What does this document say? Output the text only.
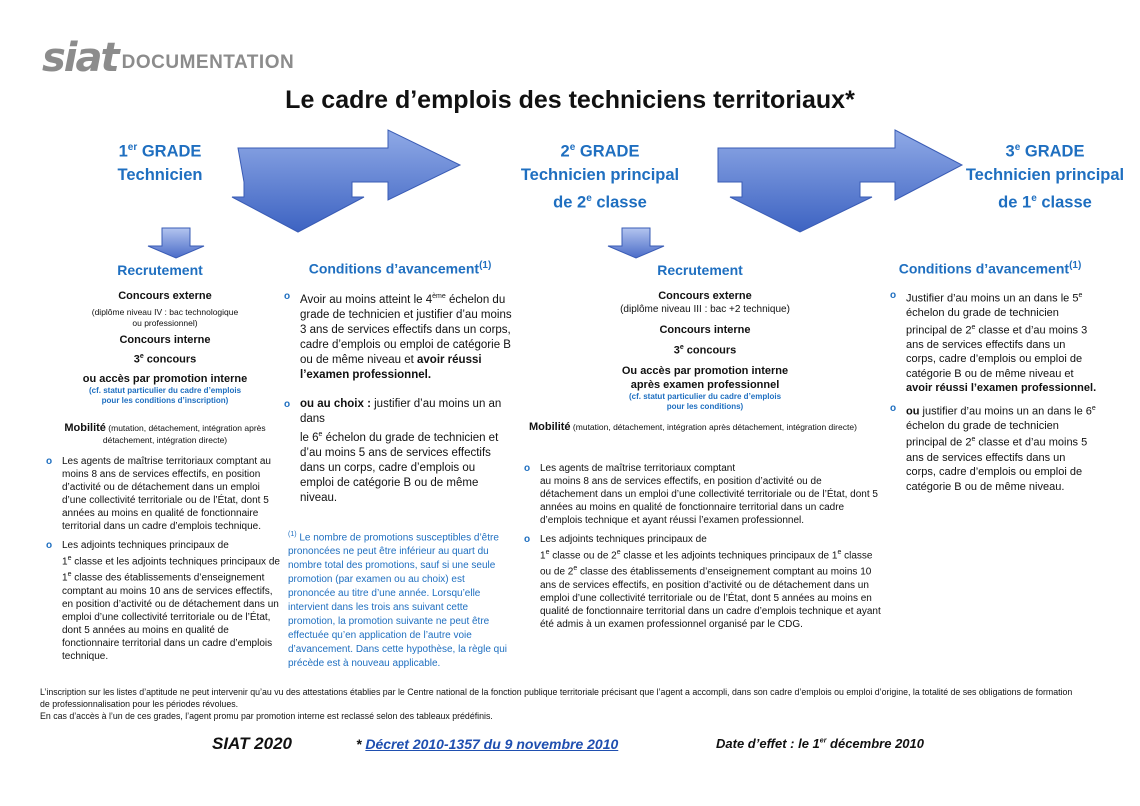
siat DOCUMENTATION
Le cadre d’emplois des techniciens territoriaux*
1er GRADE
Technicien
2e GRADE
Technicien principal
de 2e classe
3e GRADE
Technicien principal
de 1e classe
Recrutement
Concours externe
(diplôme niveau IV : bac technologique
ou professionnel)
Concours interne
3e concours
ou accès par promotion interne
(cf. statut particulier du cadre d’emplois
pour les conditions d’inscription)
Mobilité (mutation, détachement, intégration après
détachement, intégration directe)
o Les agents de maîtrise territoriaux comptant au moins 8 ans de services effectifs, en position d’activité ou de détachement dans un emploi d’une collectivité territoriale ou de l’État, dont 5 années au moins en qualité de fonctionnaire territorial dans un cadre d’emplois technique.
o Les adjoints techniques principaux de
1e classe et les adjoints techniques principaux de 1e classe des établissements d’enseignement comptant au moins 10 ans de services effectifs, en position d’activité ou de détachement dans un emploi d’une collectivité territoriale ou de l’État, dont 5 années au moins en qualité de fonctionnaire territorial dans un cadre d’emplois technique.
Conditions d’avancement$^{(1)}$
o Avoir au moins atteint le 4ème échelon du grade de technicien et justifier d’au moins 3 ans de services effectifs dans un corps, cadre d’emplois ou emploi de catégorie B ou de même niveau et avoir réussi l’examen professionnel.
o ou au choix : justifier d’au moins un an dans
le 6e échelon du grade de technicien et d’au moins 5 ans de services effectifs dans un corps, cadre d’emplois ou emploi de catégorie B ou de même niveau.
$^{(1)}$ Le nombre de promotions susceptibles d’être prononcées ne peut être inférieur au quart du nombre total des promotions, sauf si une seule promotion (par examen ou au choix) est prononcée au titre d’une année. Lorsqu’elle intervient dans les trois ans suivant cette promotion, la promotion suivante ne peut être effectuée qu’en application de l’autre voie d’avancement. Dans cette hypothèse, la règle qui précède est à nouveau applicable.
Recrutement
Concours externe
(diplôme niveau III : bac +2 technique)
Concours interne
3e concours
Ou accès par promotion interne
après examen professionnel
(cf. statut particulier du cadre d’emplois
pour les conditions)
Mobilité (mutation, détachement, intégration après détachement, intégration directe)
o Les agents de maîtrise territoriaux comptant
au moins 8 ans de services effectifs, en position d’activité ou de détachement dans un emploi d’une collectivité territoriale ou de l’État, dont 5 années au moins en qualité de fonctionnaire territorial dans un cadre d’emplois technique et ayant réussi l’examen professionnel.
o Les adjoints techniques principaux de
1e classe ou de 2e classe et les adjoints techniques principaux de 1e classe ou de 2e classe des établissements d’enseignement comptant au moins 10 ans de services effectifs, en position d’activité ou de détachement dans un emploi d’une collectivité territoriale ou de l’État, dont 5 années au moins en qualité de fonctionnaire territorial dans un cadre d’emplois technique et ayant été admis à un examen professionnel organisé par le CDG.
Conditions d’avancement$^{(1)}$
o Justifier d’au moins un an dans le 5e échelon du grade de technicien principal de 2e classe et d’au moins 3 ans de services effectifs dans un corps, cadre d’emplois ou emploi de catégorie B ou de même niveau et avoir réussi l’examen professionnel.
o ou justifier d’au moins un an dans le 6e échelon du grade de technicien principal de 2e classe et d’au moins 5 ans de services effectifs dans un corps, cadre d’emplois ou emploi de catégorie B ou de même niveau.
L’inscription sur les listes d’aptitude ne peut intervenir qu’au vu des attestations établies par le Centre national de la fonction publique territoriale précisant que l’agent a accompli, dans son cadre d’emplois ou emploi d’origine, la totalité de ses obligations de formation de professionnalisation pour les périodes révolues.
En cas d’accès à l’un de ces grades, l’agent promu par promotion interne est reclassé selon des tableaux prédéfinis.
SIAT 2020	* Décret 2010-1357 du 9 novembre 2010	Date d’effet : le 1er décembre 2010
